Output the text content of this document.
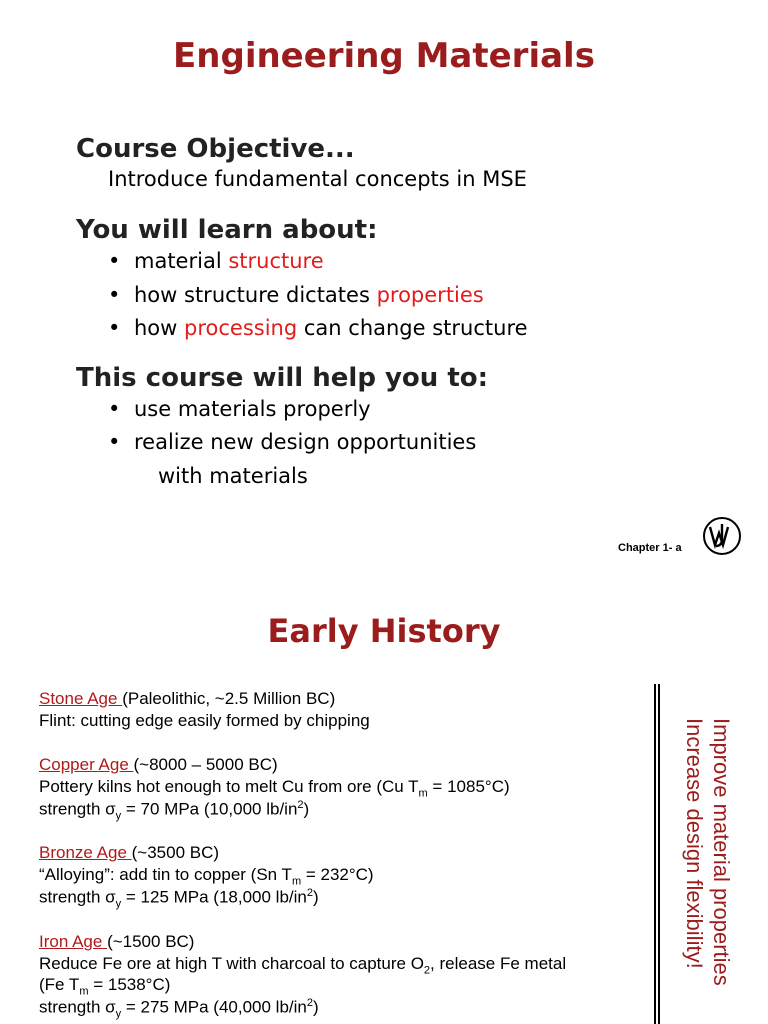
Engineering Materials
Course Objective...
Introduce fundamental concepts in MSE
You will learn about:
• material structure
• how structure dictates properties
• how processing can change structure
This course will help you to:
• use materials properly
• realize new design opportunities
with materials
Chapter 1- a
Early History
Stone Age (Paleolithic, ~2.5 Million BC)
Flint: cutting edge easily formed by chipping
Copper Age (~8000 – 5000 BC)
Pottery kilns hot enough to melt Cu from ore (Cu $T_m = 1085^\circ C$)
strength $\sigma_y = 70$ MPa (10,000 $lb/in^2$)
Bronze Age (~3500 BC)
“Alloying”: add tin to copper (Sn $T_m = 232^\circ C$)
strength $\sigma_y = 125$ MPa (18,000 $lb/in^2$)
Iron Age (~1500 BC)
Reduce Fe ore at high T with charcoal to capture $O_2$, release Fe metal
(Fe $T_m = 1538^\circ C$)
strength $\sigma_y = 275$ MPa (40,000 $lb/in^2$)
Improve material properties
Increase design flexibility!
